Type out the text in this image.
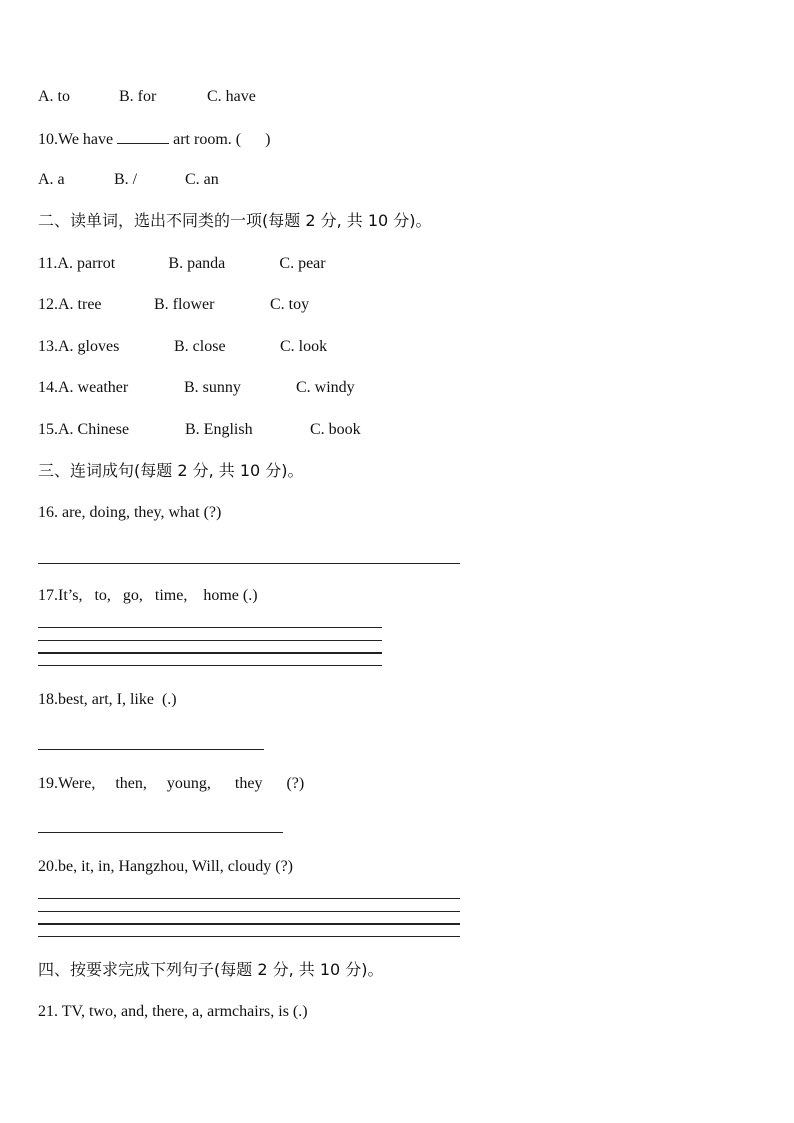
A. to	B. for	C. have
10.We have	art room. ( )
A. a	B. /	C. an
二、读单词，选出不同类的一项(每题 2 分, 共 10 分)。
11.A. parrot	B. panda	C. pear
12.A. tree	B. flower	C. toy
13.A. gloves	B. close	C. look
14.A. weather	B. sunny	C. windy
15.A. Chinese	B. English	C. book
三、连词成句(每题 2 分, 共 10 分)。
16. are, doing, they, what (?)
17.It’s,   to,   go,   time,    home (.)
18.best, art, I, like  (.)
19.Were,     then,     young,      they      (?)
20.be, it, in, Hangzhou, Will, cloudy (?)
四、按要求完成下列句子(每题 2 分, 共 10 分)。
21. TV, two, and, there, a, armchairs, is (.)
